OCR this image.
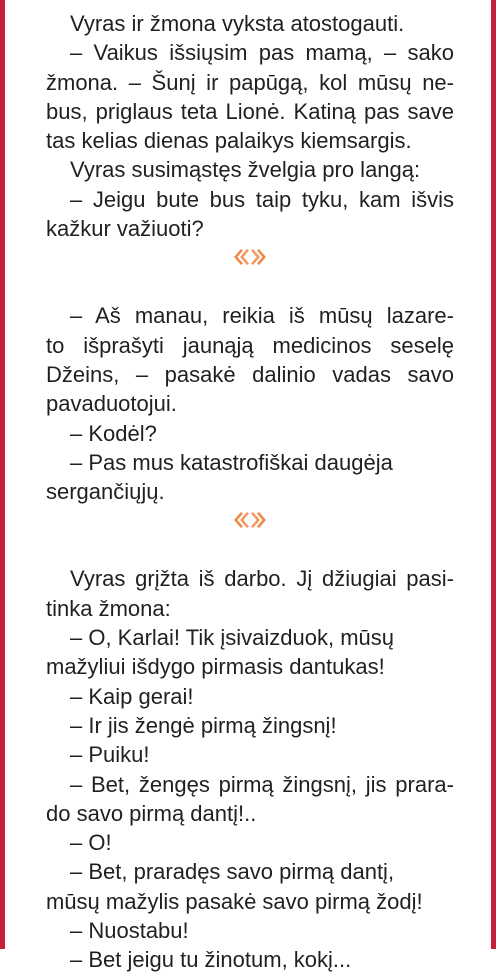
Vyras ir žmona vyksta atostogauti.
– Vaikus išsiųsim pas mamą, – sako
žmona. – Šunį ir papūgą, kol mūsų ne-
bus, priglaus teta Lionė. Katiną pas save
tas kelias dienas palaikys kiemsargis.
Vyras susimąstęs žvelgia pro langą:
– Jeigu bute bus taip tyku, kam išvis
kažkur važiuoti?
– Aš manau, reikia iš mūsų lazare-
to išprašyti jaunąją medicinos seselę
Džeins, – pasakė dalinio vadas savo
pavaduotojui.
– Kodėl?
– Pas mus katastrofiškai daugėja
sergančiųjų.
Vyras grįžta iš darbo. Jį džiugiai pasi-
tinka žmona:
– O, Karlai! Tik įsivaizduok, mūsų
mažyliui išdygo pirmasis dantukas!
– Kaip gerai!
– Ir jis žengė pirmą žingsnį!
– Puiku!
– Bet, žengęs pirmą žingsnį, jis prara-
do savo pirmą dantį!..
– O!
– Bet, praradęs savo pirmą dantį,
mūsų mažylis pasakė savo pirmą žodį!
– Nuostabu!
– Bet jeigu tu žinotum, kokį...
